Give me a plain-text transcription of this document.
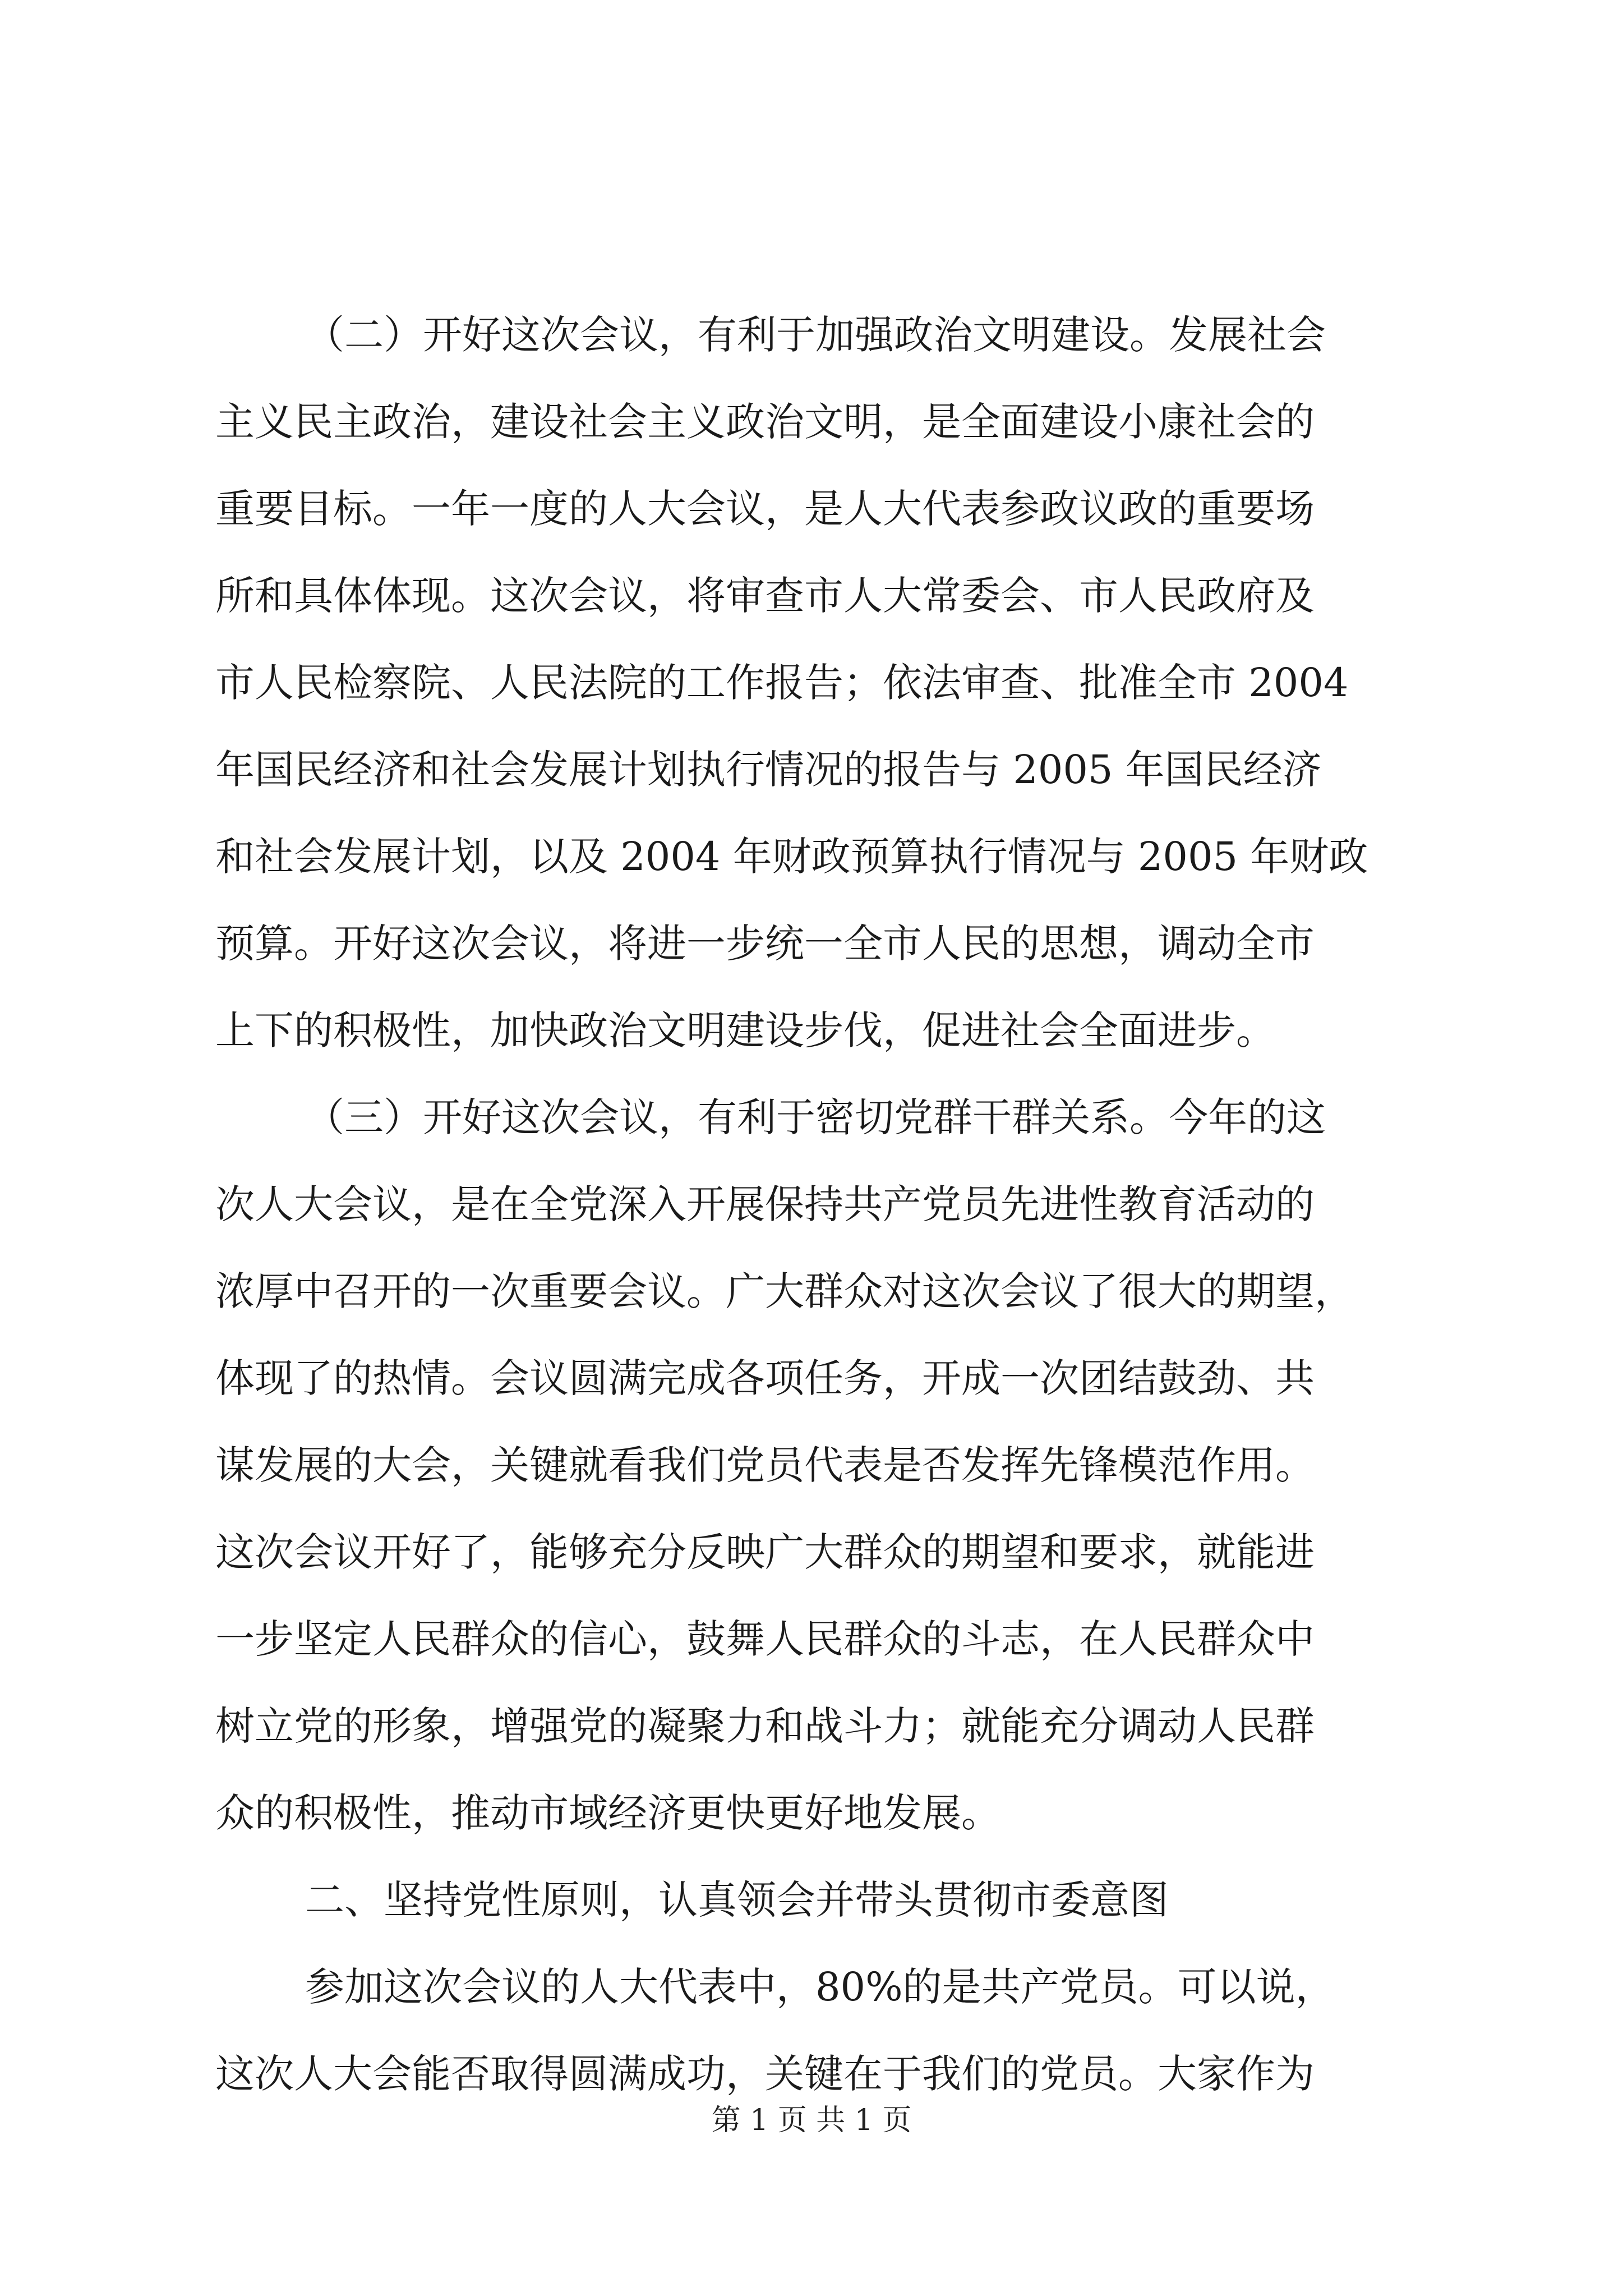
（二）开好这次会议，有利于加强政治文明建设。发展社会
主义民主政治，建设社会主义政治文明，是全面建设小康社会的
重要目标。一年一度的人大会议，是人大代表参政议政的重要场
所和具体体现。这次会议，将审查市人大常委会、市人民政府及
市人民检察院、人民法院的工作报告；依法审查、批准全市 2004
年国民经济和社会发展计划执行情况的报告与 2005 年国民经济
和社会发展计划，以及 2004 年财政预算执行情况与 2005 年财政
预算。开好这次会议，将进一步统一全市人民的思想，调动全市
上下的积极性，加快政治文明建设步伐，促进社会全面进步。
（三）开好这次会议，有利于密切党群干群关系。今年的这
次人大会议，是在全党深入开展保持共产党员先进性教育活动的
浓厚中召开的一次重要会议。广大群众对这次会议了很大的期望，
体现了的热情。会议圆满完成各项任务，开成一次团结鼓劲、共
谋发展的大会，关键就看我们党员代表是否发挥先锋模范作用。
这次会议开好了，能够充分反映广大群众的期望和要求，就能进
一步坚定人民群众的信心，鼓舞人民群众的斗志，在人民群众中
树立党的形象，增强党的凝聚力和战斗力；就能充分调动人民群
众的积极性，推动市域经济更快更好地发展。
二、坚持党性原则，认真领会并带头贯彻市委意图
参加这次会议的人大代表中，80%的是共产党员。可以说，
这次人大会能否取得圆满成功，关键在于我们的党员。大家作为
第 1 页 共 1 页
